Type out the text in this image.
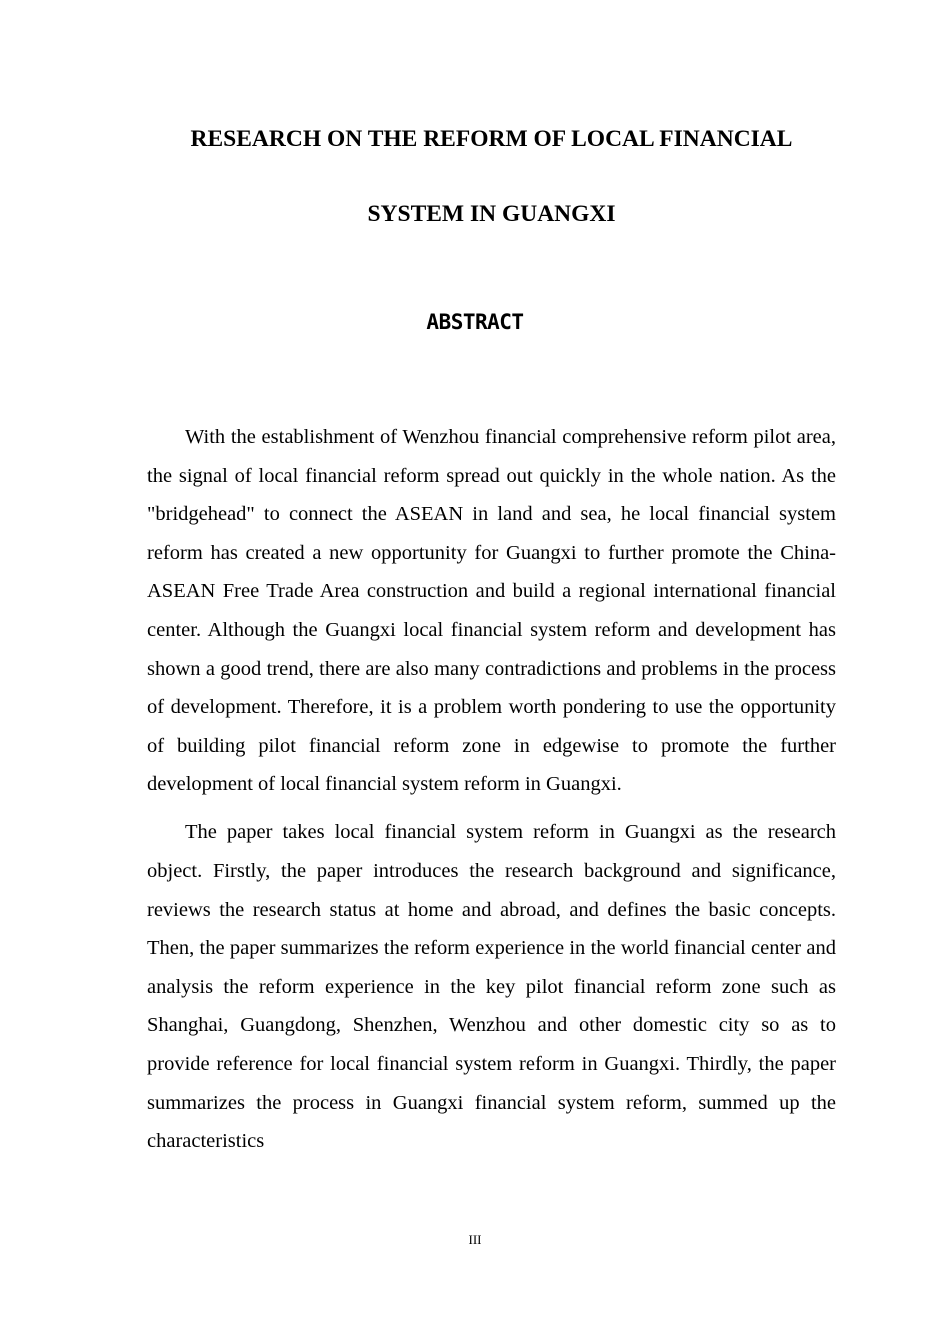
RESEARCH ON THE REFORM OF LOCAL FINANCIAL
SYSTEM IN GUANGXI
ABSTRACT

With the establishment of Wenzhou financial comprehensive reform pilot area, the signal of local financial reform spread out quickly in the whole nation. As the "bridgehead" to connect the ASEAN in land and sea, he local financial system reform has created a new opportunity for Guangxi to further promote the China-ASEAN Free Trade Area construction and build a regional international financial center. Although the Guangxi local financial system reform and development has shown a good trend, there are also many contradictions and problems in the process of development. Therefore, it is a problem worth pondering to use the opportunity of building pilot financial reform zone in edgewise to promote the further development of local financial system reform in Guangxi.

The paper takes local financial system reform in Guangxi as the research object. Firstly, the paper introduces the research background and significance, reviews the research status at home and abroad, and defines the basic concepts. Then, the paper summarizes the reform experience in the world financial center and analysis the reform experience in the key pilot financial reform zone such as Shanghai, Guangdong, Shenzhen, Wenzhou and other domestic city so as to provide reference for local financial system reform in Guangxi. Thirdly, the paper summarizes the process in Guangxi financial system reform, summed up the characteristics

III
